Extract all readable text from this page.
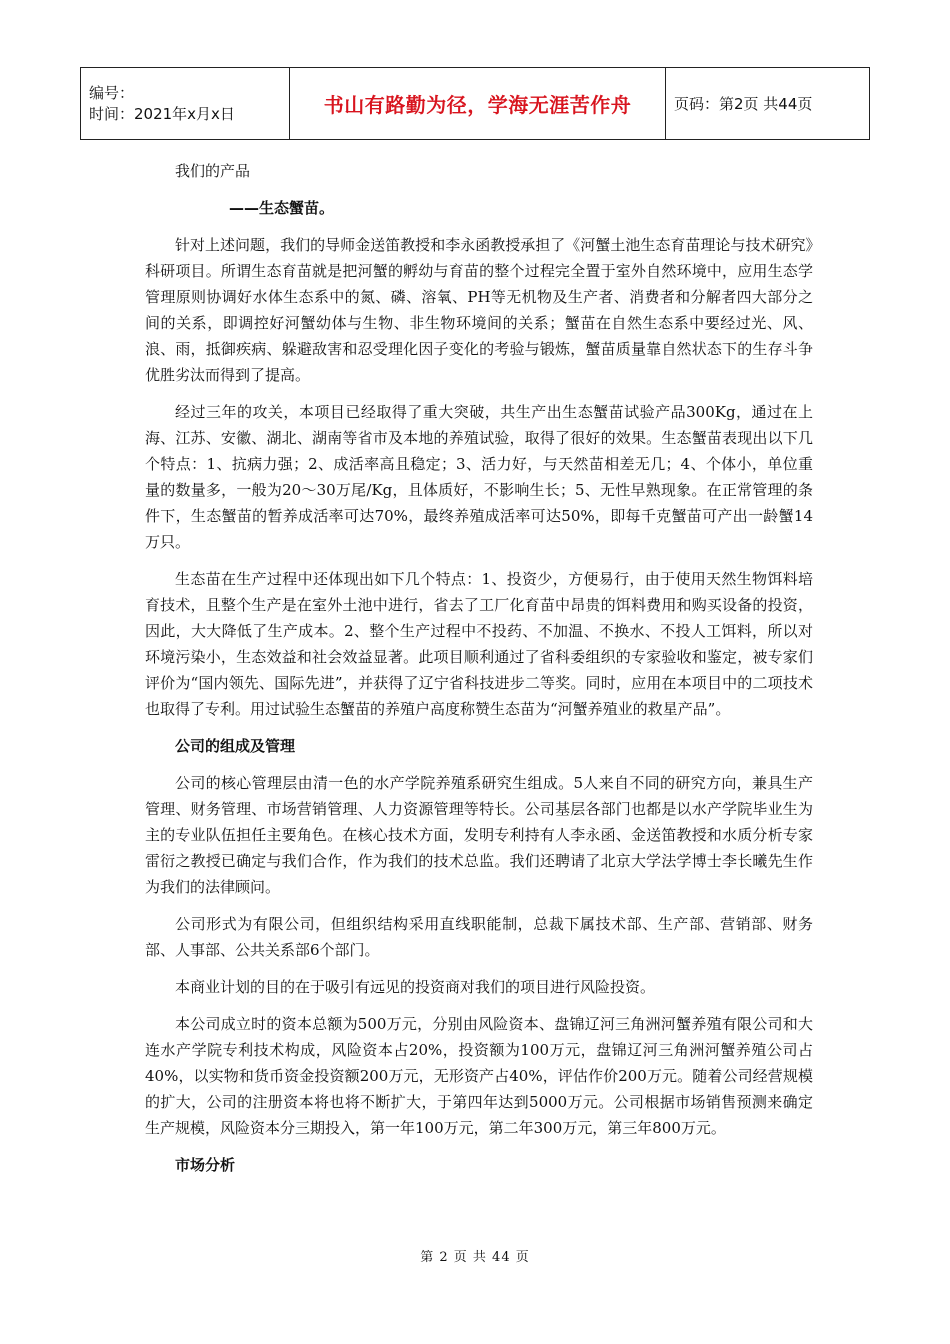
编号：
时间：2021年x月x日	书山有路勤为径，学海无涯苦作舟	页码：第2页 共44页

我们的产品

——生态蟹苗。

针对上述问题，我们的导师金送笛教授和李永函教授承担了《河蟹土池生态育苗理论与技术研究》科研项目。所谓生态育苗就是把河蟹的孵幼与育苗的整个过程完全置于室外自然环境中，应用生态学管理原则协调好水体生态系中的氮、磷、溶氧、PH等无机物及生产者、消费者和分解者四大部分之间的关系，即调控好河蟹幼体与生物、非生物环境间的关系；蟹苗在自然生态系中要经过光、风、浪、雨，抵御疾病、躲避敌害和忍受理化因子变化的考验与锻炼，蟹苗质量靠自然状态下的生存斗争优胜劣汰而得到了提高。

经过三年的攻关，本项目已经取得了重大突破，共生产出生态蟹苗试验产品300Kg，通过在上海、江苏、安徽、湖北、湖南等省市及本地的养殖试验，取得了很好的效果。生态蟹苗表现出以下几个特点：1、抗病力强；2、成活率高且稳定；3、活力好，与天然苗相差无几；4、个体小，单位重量的数量多，一般为20～30万尾/Kg，且体质好，不影响生长；5、无性早熟现象。在正常管理的条件下，生态蟹苗的暂养成活率可达70%，最终养殖成活率可达50%，即每千克蟹苗可产出一龄蟹14万只。

生态苗在生产过程中还体现出如下几个特点：1、投资少，方便易行，由于使用天然生物饵料培育技术，且整个生产是在室外土池中进行，省去了工厂化育苗中昂贵的饵料费用和购买设备的投资，因此，大大降低了生产成本。2、整个生产过程中不投药、不加温、不换水、不投人工饵料，所以对环境污染小，生态效益和社会效益显著。此项目顺利通过了省科委组织的专家验收和鉴定，被专家们评价为“国内领先、国际先进”，并获得了辽宁省科技进步二等奖。同时，应用在本项目中的二项技术也取得了专利。用过试验生态蟹苗的养殖户高度称赞生态苗为“河蟹养殖业的救星产品”。

公司的组成及管理

公司的核心管理层由清一色的水产学院养殖系研究生组成。5人来自不同的研究方向，兼具生产管理、财务管理、市场营销管理、人力资源管理等特长。公司基层各部门也都是以水产学院毕业生为主的专业队伍担任主要角色。在核心技术方面，发明专利持有人李永函、金送笛教授和水质分析专家雷衍之教授已确定与我们合作，作为我们的技术总监。我们还聘请了北京大学法学博士李长曦先生作为我们的法律顾问。

公司形式为有限公司，但组织结构采用直线职能制，总裁下属技术部、生产部、营销部、财务部、人事部、公共关系部6个部门。

本商业计划的目的在于吸引有远见的投资商对我们的项目进行风险投资。

本公司成立时的资本总额为500万元，分别由风险资本、盘锦辽河三角洲河蟹养殖有限公司和大连水产学院专利技术构成，风险资本占20%，投资额为100万元，盘锦辽河三角洲河蟹养殖公司占40%，以实物和货币资金投资额200万元，无形资产占40%，评估作价200万元。随着公司经营规模的扩大，公司的注册资本将也将不断扩大，于第四年达到5000万元。公司根据市场销售预测来确定生产规模，风险资本分三期投入，第一年100万元，第二年300万元，第三年800万元。

市场分析

第 2 页 共 44 页
